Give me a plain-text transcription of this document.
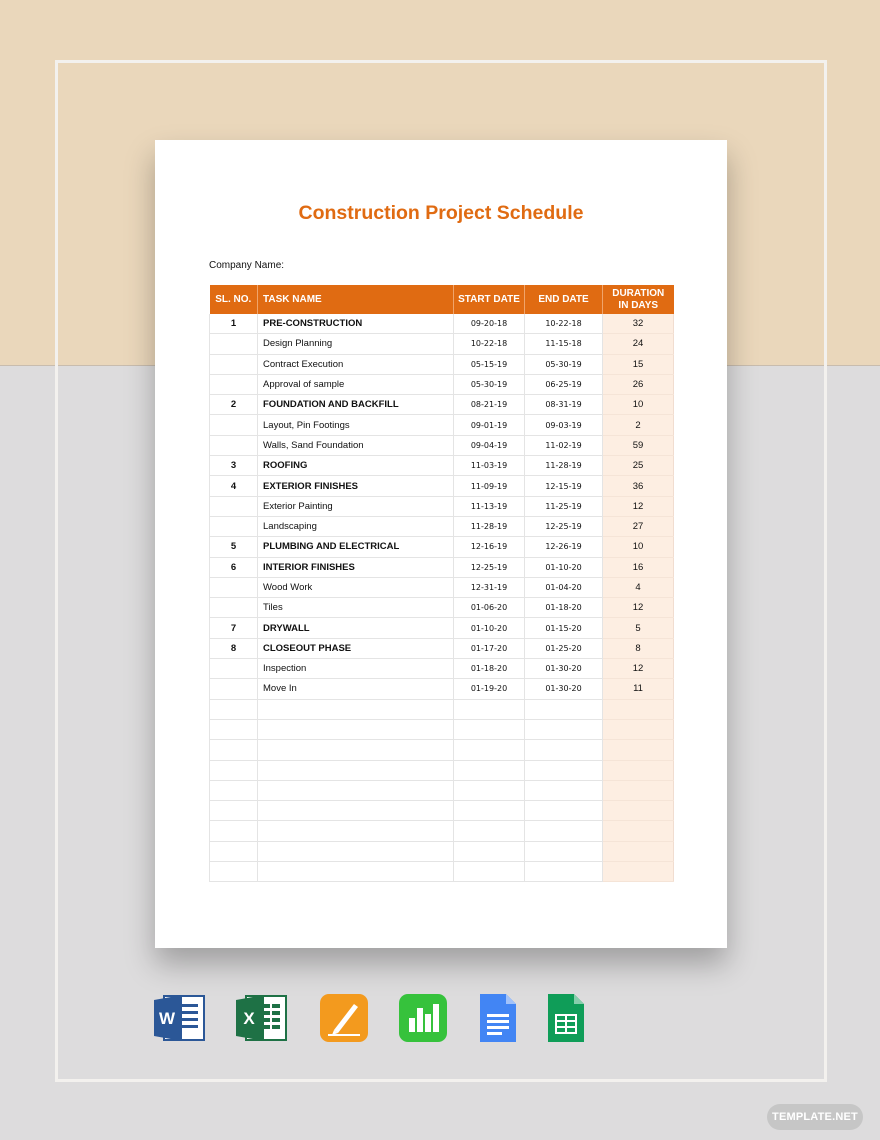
Construction Project Schedule
Company Name:
SL. NO.	TASK NAME	START DATE	END DATE	DURATION IN DAYS
1	PRE-CONSTRUCTION	09-20-18	10-22-18	32
	Design Planning	10-22-18	11-15-18	24
	Contract Execution	05-15-19	05-30-19	15
	Approval of sample	05-30-19	06-25-19	26
2	FOUNDATION AND BACKFILL	08-21-19	08-31-19	10
	Layout, Pin Footings	09-01-19	09-03-19	2
	Walls, Sand Foundation	09-04-19	11-02-19	59
3	ROOFING	11-03-19	11-28-19	25
4	EXTERIOR FINISHES	11-09-19	12-15-19	36
	Exterior Painting	11-13-19	11-25-19	12
	Landscaping	11-28-19	12-25-19	27
5	PLUMBING AND ELECTRICAL	12-16-19	12-26-19	10
6	INTERIOR FINISHES	12-25-19	01-10-20	16
	Wood Work	12-31-19	01-04-20	4
	Tiles	01-06-20	01-18-20	12
7	DRYWALL	01-10-20	01-15-20	5
8	CLOSEOUT PHASE	01-17-20	01-25-20	8
	Inspection	01-18-20	01-30-20	12
	Move In	01-19-20	01-30-20	11

W	X
TEMPLATE.NET
